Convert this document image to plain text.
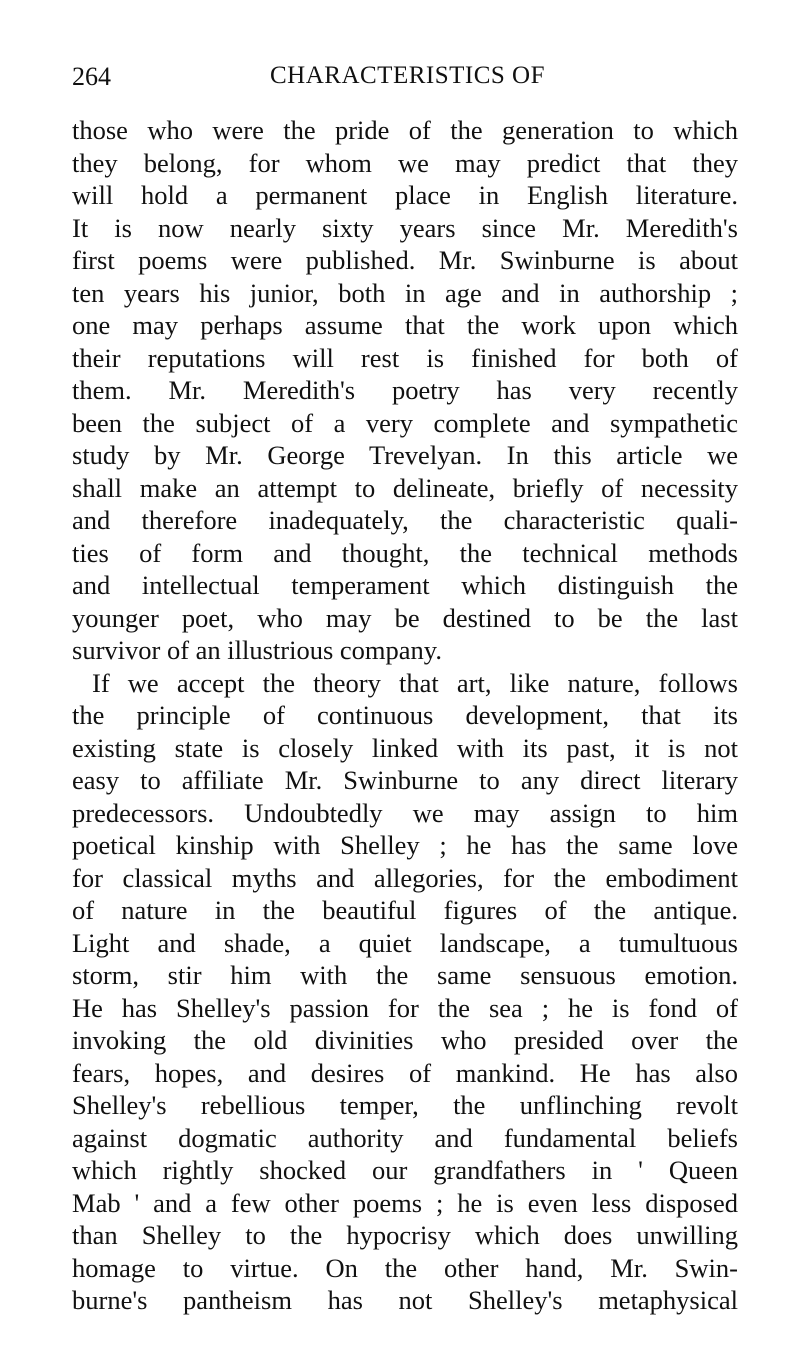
264	CHARACTERISTICS OF
those who were the pride of the generation to which
they belong, for whom we may predict that they
will hold a permanent place in English literature.
It is now nearly sixty years since Mr. Meredith's
first poems were published. Mr. Swinburne is about
ten years his junior, both in age and in authorship ;
one may perhaps assume that the work upon which
their reputations will rest is finished for both of
them. Mr. Meredith's poetry has very recently
been the subject of a very complete and sympathetic
study by Mr. George Trevelyan. In this article we
shall make an attempt to delineate, briefly of necessity
and therefore inadequately, the characteristic quali-
ties of form and thought, the technical methods
and intellectual temperament which distinguish the
younger poet, who may be destined to be the last
survivor of an illustrious company.
If we accept the theory that art, like nature, follows
the principle of continuous development, that its
existing state is closely linked with its past, it is not
easy to affiliate Mr. Swinburne to any direct literary
predecessors. Undoubtedly we may assign to him
poetical kinship with Shelley ; he has the same love
for classical myths and allegories, for the embodiment
of nature in the beautiful figures of the antique.
Light and shade, a quiet landscape, a tumultuous
storm, stir him with the same sensuous emotion.
He has Shelley's passion for the sea ; he is fond of
invoking the old divinities who presided over the
fears, hopes, and desires of mankind. He has also
Shelley's rebellious temper, the unflinching revolt
against dogmatic authority and fundamental beliefs
which rightly shocked our grandfathers in ' Queen
Mab ' and a few other poems ; he is even less disposed
than Shelley to the hypocrisy which does unwilling
homage to virtue. On the other hand, Mr. Swin-
burne's pantheism has not Shelley's metaphysical
